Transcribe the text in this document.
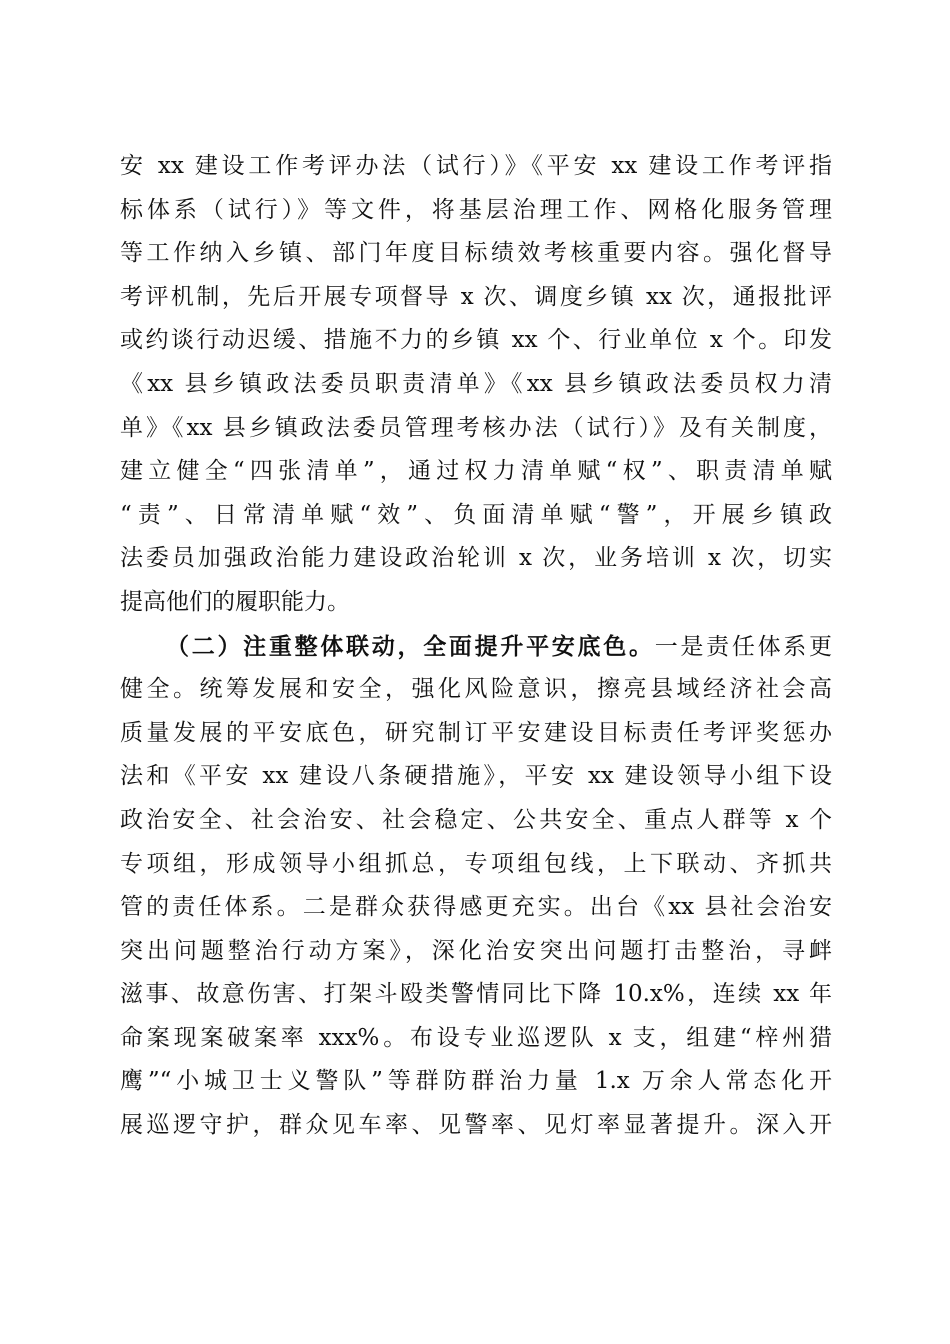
安 xx 建设工作考评办法（试行）》《平安 xx 建设工作考评指
标体系（试行）》等文件，将基层治理工作、网格化服务管理
等工作纳入乡镇、部门年度目标绩效考核重要内容。强化督导
考评机制，先后开展专项督导 x 次、调度乡镇 xx 次，通报批评
或约谈行动迟缓、措施不力的乡镇 xx 个、行业单位 x 个。印发
《xx 县乡镇政法委员职责清单》《xx 县乡镇政法委员权力清
单》《xx 县乡镇政法委员管理考核办法（试行）》及有关制度，
建立健全“四张清单”，通过权力清单赋“权”、职责清单赋
“责”、日常清单赋“效”、负面清单赋“警”，开展乡镇政
法委员加强政治能力建设政治轮训 x 次，业务培训 x 次，切实
提高他们的履职能力。
（二）注重整体联动，全面提升平安底色。一是责任体系更
健全。统筹发展和安全，强化风险意识，擦亮县域经济社会高
质量发展的平安底色，研究制订平安建设目标责任考评奖惩办
法和《平安 xx 建设八条硬措施》，平安 xx 建设领导小组下设
政治安全、社会治安、社会稳定、公共安全、重点人群等 x 个
专项组，形成领导小组抓总，专项组包线，上下联动、齐抓共
管的责任体系。二是群众获得感更充实。出台《xx 县社会治安
突出问题整治行动方案》，深化治安突出问题打击整治，寻衅
滋事、故意伤害、打架斗殴类警情同比下降 10.x%，连续 xx 年
命案现案破案率 xxx%。布设专业巡逻队 x 支，组建“梓州猎
鹰”“小城卫士义警队”等群防群治力量 1.x 万余人常态化开
展巡逻守护，群众见车率、见警率、见灯率显著提升。深入开
